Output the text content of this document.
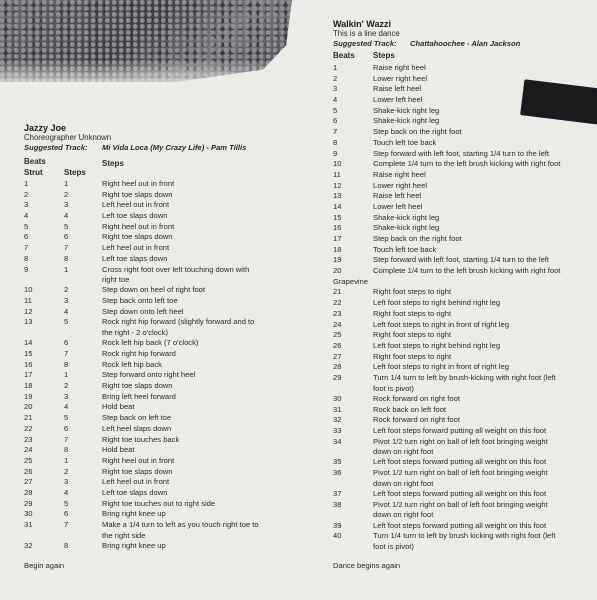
Jazzy Joe
Choreographer Unknown
Suggested Track:	Mi Vida Loca (My Crazy Life) - Pam Tillis
Beats
Strut	Steps
Steps
1	1	Right heel out in front
2	2	Right toe slaps down
3	3	Left heel out in front
4	4	Left toe slaps down
5	5	Right heel out in front
6	6	Right toe slaps down
7	7	Left heel out in front
8	8	Left toe slaps down
9	1	Cross right foot over left touching down with
right toe
10	2	Step down on heel of right foot
11	3	Step back onto left toe
12	4	Step down onto left heel
13	5	Rock right hip forward (slightly forward and to
the right - 2 o'clock)
14	6	Rock left hip back (7 o'clock)
15	7	Rock right hip forward
16	8	Rock left hip back
17	1	Step forward onto right heel
18	2	Right toe slaps down
19	3	Bring left heel forward
20	4	Hold beat
21	5	Step back on left toe
22	6	Left heel slaps down
23	7	Right toe touches back
24	8	Hold beat
25	1	Right heel out in front
26	2	Right toe slaps down
27	3	Left heel out in front
28	4	Left toe slaps down
29	5	Right toe touches out to right side
30	6	Bring right knee up
31	7	Make a 1/4 turn to left as you touch right toe to
the right side
32	8	Bring right knee up
Begin again
Walkin' Wazzi
This is a line dance
Suggested Track:	Chattahoochee - Alan Jackson
Beats Steps
1	Raise right heel
2	Lower right heel
3	Raise left heel
4	Lower left heel
5	Shake-kick right leg
6	Shake-kick right leg
7	Step back on the right foot
8	Touch left toe back
9	Step forward with left foot, starting 1/4 turn to the left
10	Complete 1/4 turn to the left brush kicking with right foot
11	Raise right heel
12	Lower right heel
13	Raise left heel
14	Lower left heel
15	Shake-kick right leg
16	Shake-kick right leg
17	Step back on the right foot
18	Touch left toe back
19	Step forward with left foot, starting 1/4 turn to the left
20	Complete 1/4 turn to the left brush kicking with right foot
Grapevine
21	Right foot steps to right
22	Left foot steps to right behind right leg
23	Right foot steps to right
24	Left foot steps to right in front of right leg
25	Right foot steps to right
26	Left foot steps to right behind right leg
27	Right foot steps to right
28	Left foot steps to right in front of right leg
29	Turn 1/4 turn to left by brush-kicking with right foot (left
foot is pivot)
30	Rock forward on right foot
31	Rock back on left foot
32	Rock forward on right foot
33	Left foot steps forward putting all weight on this foot
34	Pivot 1/2 turn right on ball of left foot bringing weight
down on right foot
35	Left foot steps forward putting all weight on this foot
36	Pivot 1/2 turn right on ball of left foot bringing weight
down on right foot
37	Left foot steps forward putting all weight on this foot
38	Pivot 1/2 turn right on ball of left foot bringing weight
down on right foot
39	Left foot steps forward putting all weight on this foot
40	Turn 1/4 turn to left by brush kicking with right foot (left
foot is pivot)
Dance begins again
